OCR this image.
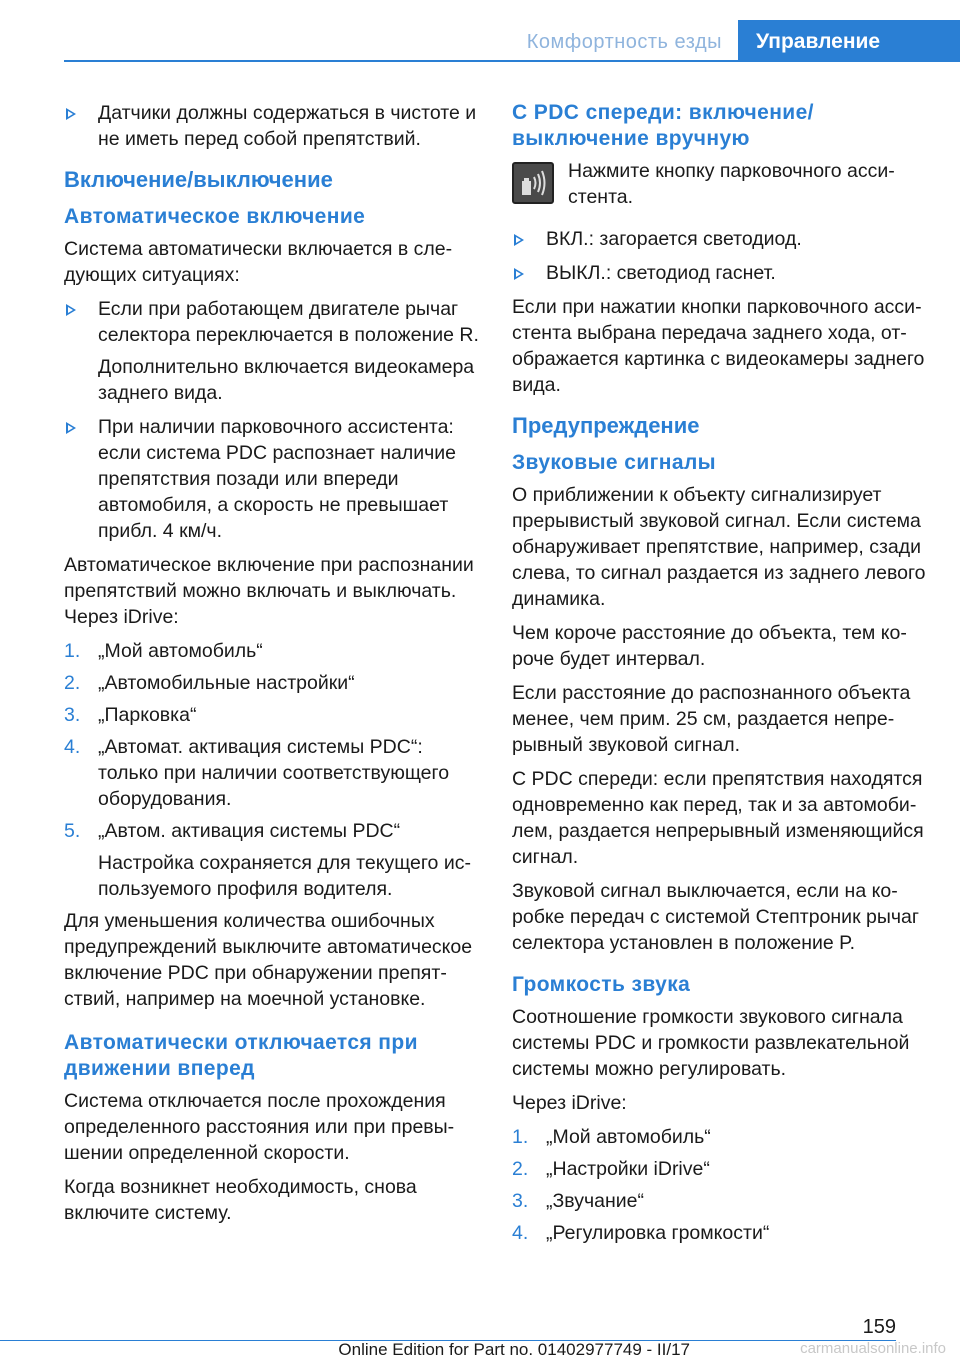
Комфортность езды	Управление

Датчики должны содержаться в чистоте и не иметь перед собой препятствий.

Включение/выключение
Автоматическое включение

Система автоматически включается в следующих ситуациях:

Если при работающем двигателе рычаг селектора переключается в положение R.

Дополнительно включается видеокамера заднего вида.

При наличии парковочного ассистента: если система PDC распознает наличие препятствия позади или впереди автомобиля, а скорость не превышает прибл. 4 км/ч.

Автоматическое включение при распознании препятствий можно включать и выключать. Через iDrive:

1. „Мой автомобиль“

2. „Автомобильные настройки“

3. „Парковка“

4. „Автомат. активация системы PDC“: только при наличии соответствующего оборудования.

5. „Автом. активация системы PDC“

Настройка сохраняется для текущего используемого профиля водителя.

Для уменьшения количества ошибочных предупреждений выключите автоматическое включение PDC при обнаружении препятствий, например на моечной установке.

Автоматически отключается при движении вперед

Система отключается после прохождения определенного расстояния или при превышении определенной скорости.

Когда возникнет необходимость, снова включите систему.

С PDC спереди: включение/выключение вручную

Нажмите кнопку парковочного ассистента.

ВКЛ.: загорается светодиод.

ВЫКЛ.: светодиод гаснет.

Если при нажатии кнопки парковочного ассистента выбрана передача заднего хода, отображается картинка с видеокамеры заднего вида.

Предупреждение
Звуковые сигналы

О приближении к объекту сигнализирует прерывистый звуковой сигнал. Если система обнаруживает препятствие, например, сзади слева, то сигнал раздается из заднего левого динамика.

Чем короче расстояние до объекта, тем короче будет интервал.

Если расстояние до распознанного объекта менее, чем прим. 25 см, раздается непрерывный звуковой сигнал.

С PDC спереди: если препятствия находятся одновременно как перед, так и за автомобилем, раздается непрерывный изменяющийся сигнал.

Звуковой сигнал выключается, если на коробке передач с системой Стептроник рычаг селектора установлен в положение P.

Громкость звука

Соотношение громкости звукового сигнала системы PDC и громкости развлекательной системы можно регулировать.

Через iDrive:

1. „Мой автомобиль“

2. „Настройки iDrive“

3. „Звучание“

4. „Регулировка громкости“

159
Online Edition for Part no. 01402977749 - II/17	carmanualsonline.info
